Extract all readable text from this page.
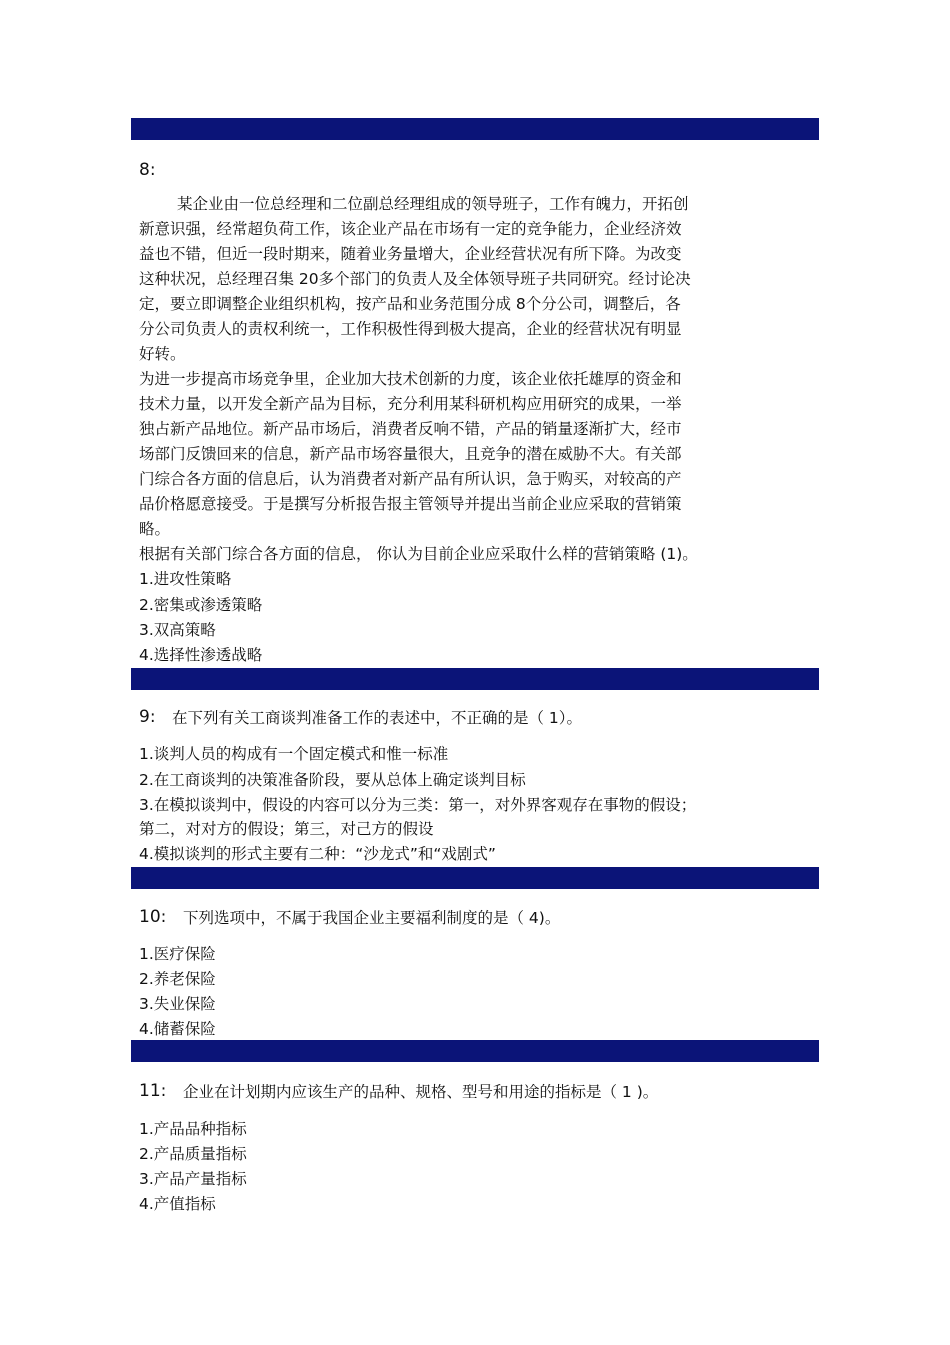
8:
某企业由一位总经理和二位副总经理组成的领导班子，工作有魄力，开拓创
新意识强，经常超负荷工作，该企业产品在市场有一定的竞争能力，企业经济效
益也不错，但近一段时期来，随着业务量增大，企业经营状况有所下降。为改变
这种状况，总经理召集 20多个部门的负责人及全体领导班子共同研究。经讨论决
定，要立即调整企业组织机构，按产品和业务范围分成 8个分公司，调整后，各
分公司负责人的责权利统一，工作积极性得到极大提高，企业的经营状况有明显
好转。
为进一步提高市场竞争里，企业加大技术创新的力度，该企业依托雄厚的资金和
技术力量，以开发全新产品为目标，充分利用某科研机构应用研究的成果，一举
独占新产品地位。新产品市场后，消费者反响不错，产品的销量逐渐扩大，经市
场部门反馈回来的信息，新产品市场容量很大，且竞争的潜在威胁不大。有关部
门综合各方面的信息后，认为消费者对新产品有所认识，急于购买，对较高的产
品价格愿意接受。于是撰写分析报告报主管领导并提出当前企业应采取的营销策
略。
根据有关部门综合各方面的信息， 你认为目前企业应采取什么样的营销策略 (1)。
1.进攻性策略
2.密集或渗透策略
3.双高策略
4.选择性渗透战略
9: 在下列有关工商谈判准备工作的表述中，不正确的是（ 1）。
1.谈判人员的构成有一个固定模式和惟一标准
2.在工商谈判的决策准备阶段，要从总体上确定谈判目标
3.在模拟谈判中，假设的内容可以分为三类：第一，对外界客观存在事物的假设；
第二，对对方的假设；第三，对己方的假设
4.模拟谈判的形式主要有二种：“沙龙式”和“戏剧式”
10: 下列选项中，不属于我国企业主要福利制度的是（ 4)。
1.医疗保险
2.养老保险
3.失业保险
4.储蓄保险
11: 企业在计划期内应该生产的品种、规格、型号和用途的指标是（ 1 )。
1.产品品种指标
2.产品质量指标
3.产品产量指标
4.产值指标
